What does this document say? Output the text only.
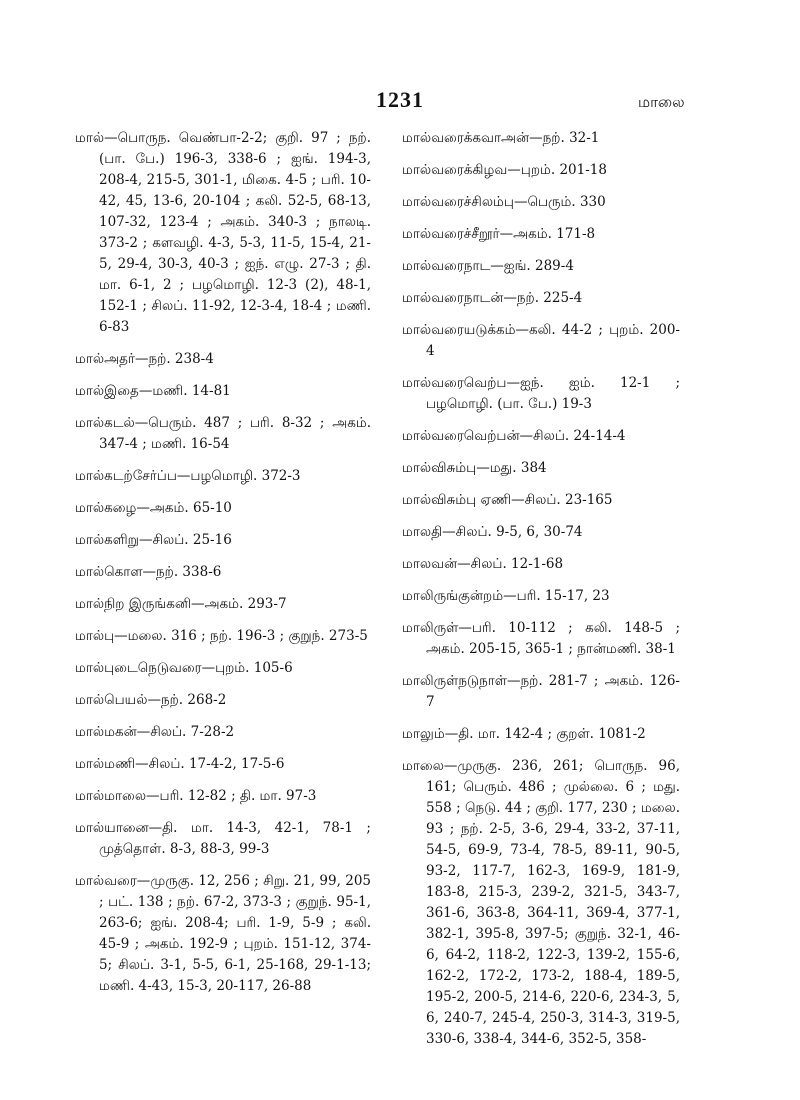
1231	மாலை

மால்—பொருந. வெண்பா-2-2; குறி. 97 ; நற். (பா. பே.) 196-3, 338-6 ; ஐங். 194-3, 208-4, 215-5, 301-1, மிகை. 4-5 ; பரி. 10-42, 45, 13-6, 20-104 ; கலி. 52-5, 68-13, 107-32, 123-4 ; அகம். 340-3 ; நாலடி. 373-2 ; களவழி. 4-3, 5-3, 11-5, 15-4, 21-5, 29-4, 30-3, 40-3 ; ஐந். எழு. 27-3 ; தி. மா. 6-1, 2 ; பழமொழி. 12-3 (2), 48-1, 152-1 ; சிலப். 11-92, 12-3-4, 18-4 ; மணி. 6-83

மால்அதர்—நற். 238-4

மால்இதை—மணி. 14-81

மால்கடல்—பெரும். 487 ; பரி. 8-32 ; அகம். 347-4 ; மணி. 16-54

மால்கடற்சேர்ப்ப—பழமொழி. 372-3

மால்கழை—அகம். 65-10

மால்களிறு—சிலப். 25-16

மால்கொள—நற். 338-6

மால்நிற இருங்கனி—அகம். 293-7

மால்பு—மலை. 316 ; நற். 196-3 ; குறுந். 273-5

மால்புடைநெடுவரை—புறம். 105-6

மால்பெயல்—நற். 268-2

மால்மகன்—சிலப். 7-28-2

மால்மணி—சிலப். 17-4-2, 17-5-6

மால்மாலை—பரி. 12-82 ; தி. மா. 97-3

மால்யானை—தி. மா. 14-3, 42-1, 78-1 ; முத்தொள். 8-3, 88-3, 99-3

மால்வரை—முருகு. 12, 256 ; சிறு. 21, 99, 205 ; பட். 138 ; நற். 67-2, 373-3 ; குறுந். 95-1, 263-6; ஐங். 208-4; பரி. 1-9, 5-9 ; கலி. 45-9 ; அகம். 192-9 ; புறம். 151-12, 374-5; சிலப். 3-1, 5-5, 6-1, 25-168, 29-1-13; மணி. 4-43, 15-3, 20-117, 26-88

மால்வரைக்கவாஅன்—நற். 32-1

மால்வரைக்கிழவ—புறம். 201-18

மால்வரைச்சிலம்பு—பெரும். 330

மால்வரைச்சீறூர்—அகம். 171-8

மால்வரைநாட—ஐங். 289-4

மால்வரைநாடன்—நற். 225-4

மால்வரையடுக்கம்—கலி. 44-2 ; புறம். 200-4

மால்வரைவெற்ப—ஐந். ஐம். 12-1 ; பழமொழி. (பா. பே.) 19-3

மால்வரைவெற்பன்—சிலப். 24-14-4

மால்விசும்பு—மது. 384

மால்விசும்பு ஏணி—சிலப். 23-165

மாலதி—சிலப். 9-5, 6, 30-74

மாலவன்—சிலப். 12-1-68

மாலிருங்குன்றம்—பரி. 15-17, 23

மாலிருள்—பரி. 10-112 ; கலி. 148-5 ; அகம். 205-15, 365-1 ; நான்மணி. 38-1

மாலிருள்நடுநாள்—நற். 281-7 ; அகம். 126-7

மாலும்—தி. மா. 142-4 ; குறள். 1081-2

மாலை—முருகு. 236, 261; பொருந. 96, 161; பெரும். 486 ; முல்லை. 6 ; மது. 558 ; நெடு. 44 ; குறி. 177, 230 ; மலை. 93 ; நற். 2-5, 3-6, 29-4, 33-2, 37-11, 54-5, 69-9, 73-4, 78-5, 89-11, 90-5, 93-2, 117-7, 162-3, 169-9, 181-9, 183-8, 215-3, 239-2, 321-5, 343-7, 361-6, 363-8, 364-11, 369-4, 377-1, 382-1, 395-8, 397-5; குறுந். 32-1, 46-6, 64-2, 118-2, 122-3, 139-2, 155-6, 162-2, 172-2, 173-2, 188-4, 189-5, 195-2, 200-5, 214-6, 220-6, 234-3, 5, 6, 240-7, 245-4, 250-3, 314-3, 319-5, 330-6, 338-4, 344-6, 352-5, 358-
